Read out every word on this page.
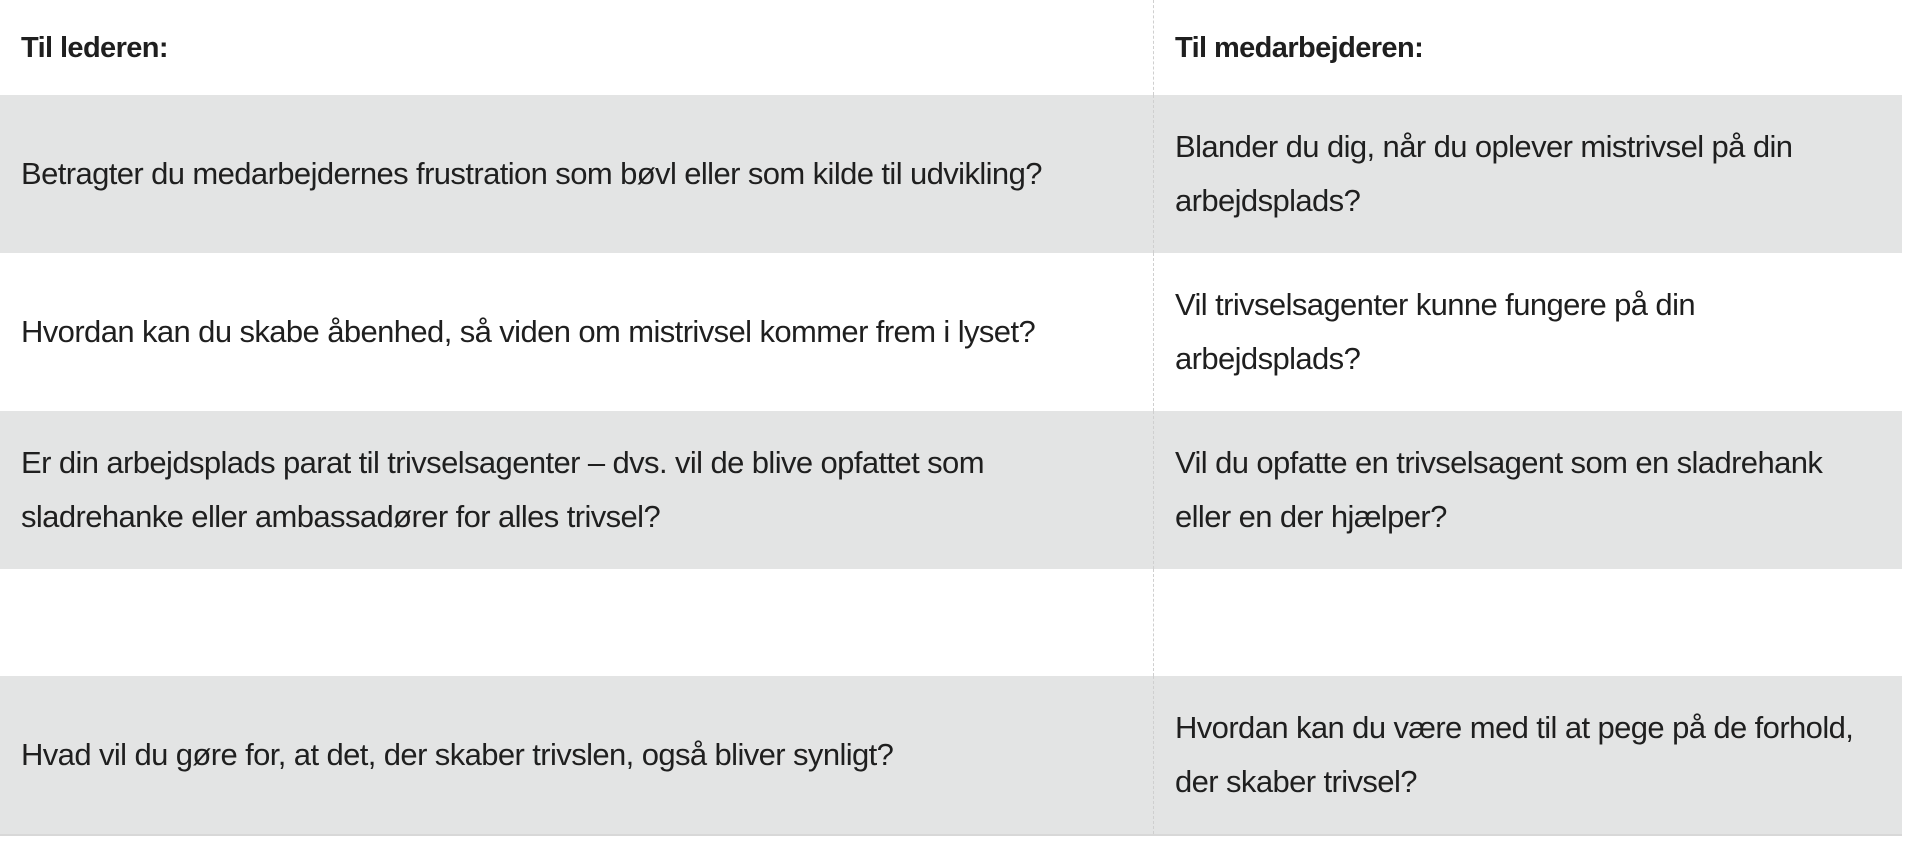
Til lederen:	Til medarbejderen:
Betragter du medarbejdernes frustration som bøvl eller som kilde til udvikling?
Blander du dig, når du oplever mistrivsel på din arbejdsplads?
Hvordan kan du skabe åbenhed, så viden om mistrivsel kommer frem i lyset?
Vil trivselsagenter kunne fungere på din arbejdsplads?
Er din arbejdsplads parat til trivselsagenter – dvs. vil de blive opfattet som sladrehanke eller ambassadører for alles trivsel?
Vil du opfatte en trivselsagent som en sladrehank eller en der hjælper?
Hvad vil du gøre for, at det, der skaber trivslen, også bliver synligt?
Hvordan kan du være med til at pege på de forhold, der skaber trivsel?
